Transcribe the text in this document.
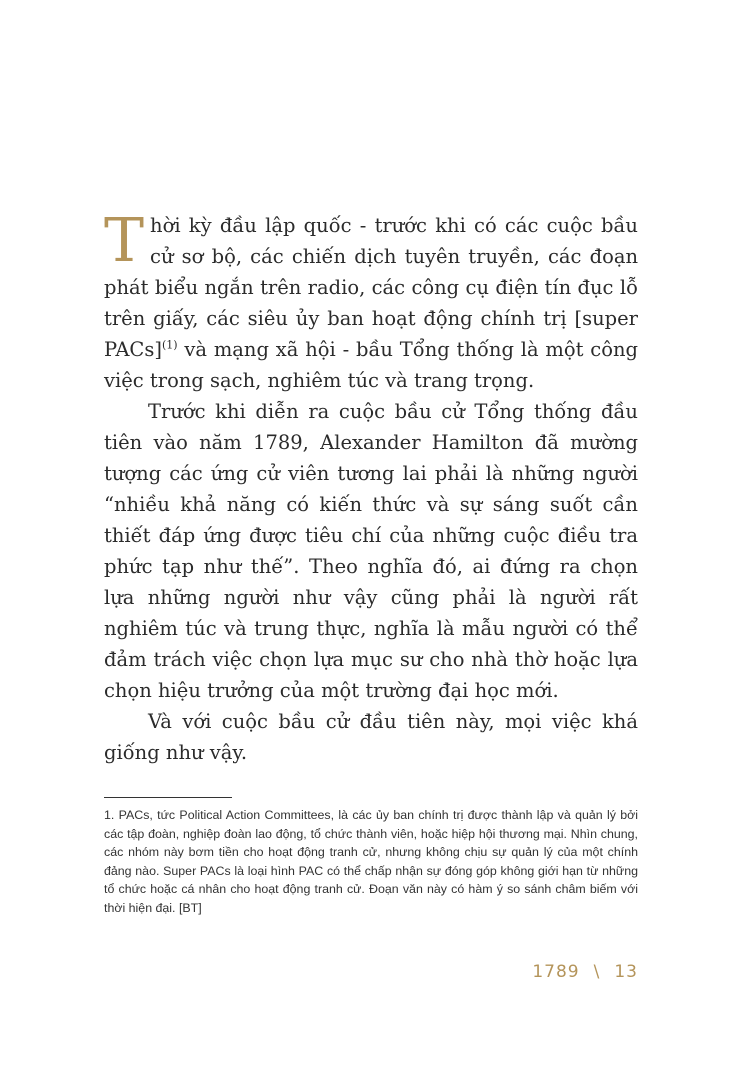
Thời kỳ đầu lập quốc - trước khi có các cuộc bầu cử sơ bộ, các chiến dịch tuyên truyền, các đoạn phát biểu ngắn trên radio, các công cụ điện tín đục lỗ trên giấy, các siêu ủy ban hoạt động chính trị [super PACs]$^{(1)}$ và mạng xã hội - bầu Tổng thống là một công việc trong sạch, nghiêm túc và trang trọng.

Trước khi diễn ra cuộc bầu cử Tổng thống đầu tiên vào năm 1789, Alexander Hamilton đã mường tượng các ứng cử viên tương lai phải là những người “nhiều khả năng có kiến thức và sự sáng suốt cần thiết đáp ứng được tiêu chí của những cuộc điều tra phức tạp như thế”. Theo nghĩa đó, ai đứng ra chọn lựa những người như vậy cũng phải là người rất nghiêm túc và trung thực, nghĩa là mẫu người có thể đảm trách việc chọn lựa mục sư cho nhà thờ hoặc lựa chọn hiệu trưởng của một trường đại học mới.

Và với cuộc bầu cử đầu tiên này, mọi việc khá giống như vậy.

1. PACs, tức Political Action Committees, là các ủy ban chính trị được thành lập và quản lý bởi các tập đoàn, nghiệp đoàn lao động, tổ chức thành viên, hoặc hiệp hội thương mại. Nhìn chung, các nhóm này bơm tiền cho hoạt động tranh cử, nhưng không chịu sự quản lý của một chính đảng nào. Super PACs là loại hình PAC có thể chấp nhận sự đóng góp không giới hạn từ những tổ chức hoặc cá nhân cho hoạt động tranh cử. Đoạn văn này có hàm ý so sánh châm biếm với thời hiện đại. [BT]

1789 \ 13
